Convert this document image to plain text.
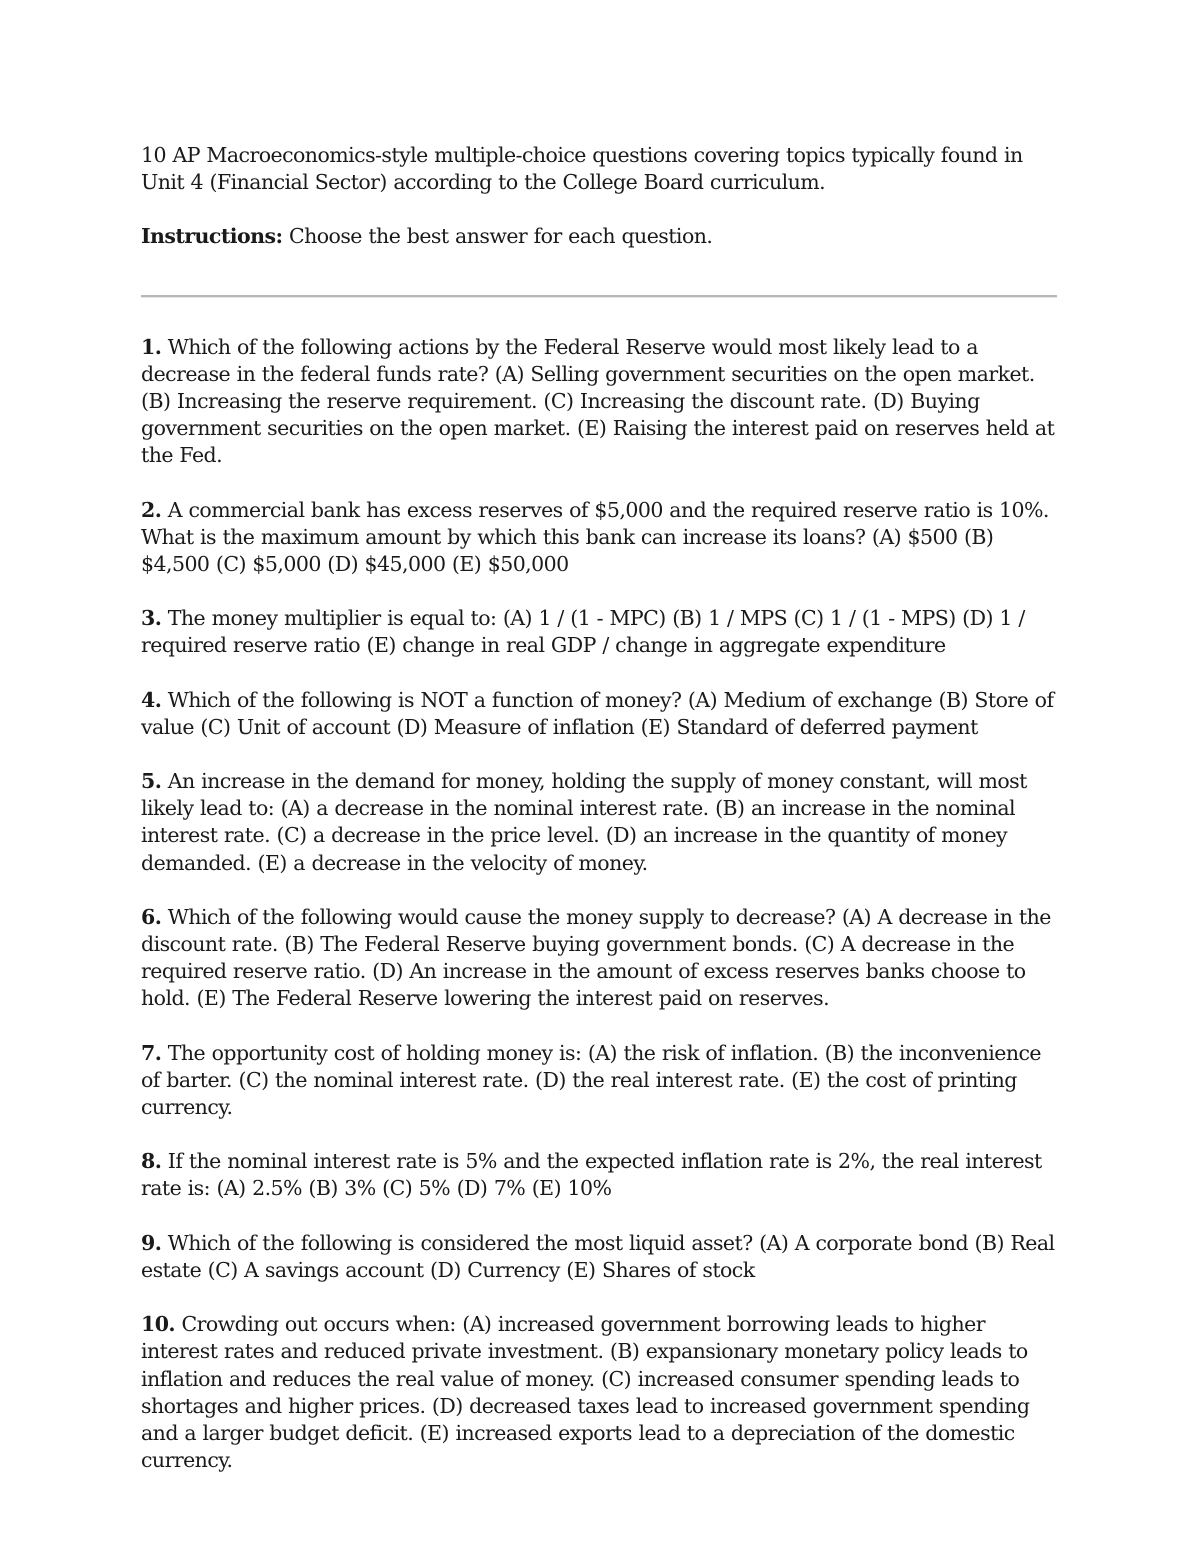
10 AP Macroeconomics-style multiple-choice questions covering topics typically found in Unit 4 (Financial Sector) according to the College Board curriculum.

Instructions: Choose the best answer for each question.

1. Which of the following actions by the Federal Reserve would most likely lead to a decrease in the federal funds rate? (A) Selling government securities on the open market. (B) Increasing the reserve requirement. (C) Increasing the discount rate. (D) Buying government securities on the open market. (E) Raising the interest paid on reserves held at the Fed.

2. A commercial bank has excess reserves of $5,000 and the required reserve ratio is 10%. What is the maximum amount by which this bank can increase its loans? (A) $500 (B) $4,500 (C) $5,000 (D) $45,000 (E) $50,000

3. The money multiplier is equal to: (A) 1 / (1 - MPC) (B) 1 / MPS (C) 1 / (1 - MPS) (D) 1 / required reserve ratio (E) change in real GDP / change in aggregate expenditure

4. Which of the following is NOT a function of money? (A) Medium of exchange (B) Store of value (C) Unit of account (D) Measure of inflation (E) Standard of deferred payment

5. An increase in the demand for money, holding the supply of money constant, will most likely lead to: (A) a decrease in the nominal interest rate. (B) an increase in the nominal interest rate. (C) a decrease in the price level. (D) an increase in the quantity of money demanded. (E) a decrease in the velocity of money.

6. Which of the following would cause the money supply to decrease? (A) A decrease in the discount rate. (B) The Federal Reserve buying government bonds. (C) A decrease in the required reserve ratio. (D) An increase in the amount of excess reserves banks choose to hold. (E) The Federal Reserve lowering the interest paid on reserves.

7. The opportunity cost of holding money is: (A) the risk of inflation. (B) the inconvenience of barter. (C) the nominal interest rate. (D) the real interest rate. (E) the cost of printing currency.

8. If the nominal interest rate is 5% and the expected inflation rate is 2%, the real interest rate is: (A) 2.5% (B) 3% (C) 5% (D) 7% (E) 10%

9. Which of the following is considered the most liquid asset? (A) A corporate bond (B) Real estate (C) A savings account (D) Currency (E) Shares of stock

10. Crowding out occurs when: (A) increased government borrowing leads to higher interest rates and reduced private investment. (B) expansionary monetary policy leads to inflation and reduces the real value of money. (C) increased consumer spending leads to shortages and higher prices. (D) decreased taxes lead to increased government spending and a larger budget deficit. (E) increased exports lead to a depreciation of the domestic currency.
